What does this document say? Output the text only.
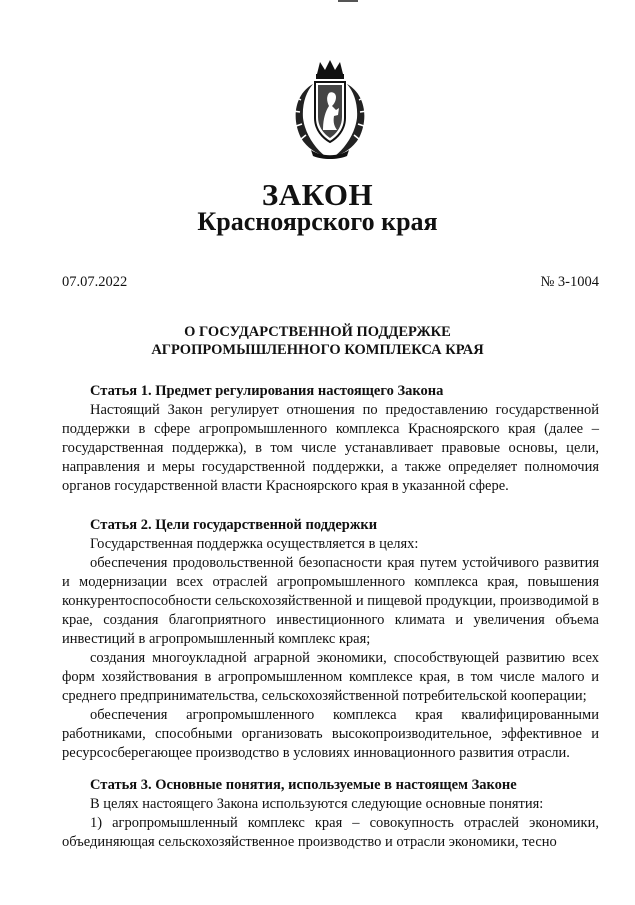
ЗАКОН
Красноярского края
07.07.2022	№ 3-1004
О ГОСУДАРСТВЕННОЙ ПОДДЕРЖКЕ
АГРОПРОМЫШЛЕННОГО КОМПЛЕКСА КРАЯ
Статья 1. Предмет регулирования настоящего Закона

Настоящий Закон регулирует отношения по предоставлению государственной поддержки в сфере агропромышленного комплекса Красноярского края (далее – государственная поддержка), в том числе устанавливает правовые основы, цели, направления и меры государственной поддержки, а также определяет полномочия органов государственной власти Красноярского края в указанной сфере.

Статья 2. Цели государственной поддержки

Государственная поддержка осуществляется в целях:

обеспечения продовольственной безопасности края путем устойчивого развития и модернизации всех отраслей агропромышленного комплекса края, повышения конкурентоспособности сельскохозяйственной и пищевой продукции, производимой в крае, создания благоприятного инвестиционного климата и увеличения объема инвестиций в агропромышленный комплекс края;

создания многоукладной аграрной экономики, способствующей развитию всех форм хозяйствования в агропромышленном комплексе края, в том числе малого и среднего предпринимательства, сельскохозяйственной потребительской кооперации;

обеспечения агропромышленного комплекса края квалифицированными работниками, способными организовать высокопроизводительное, эффективное и ресурсосберегающее производство в условиях инновационного развития отрасли.

Статья 3. Основные понятия, используемые в настоящем Законе

В целях настоящего Закона используются следующие основные понятия:

1) агропромышленный комплекс края – совокупность отраслей экономики, объединяющая сельскохозяйственное производство и отрасли экономики, тесно
